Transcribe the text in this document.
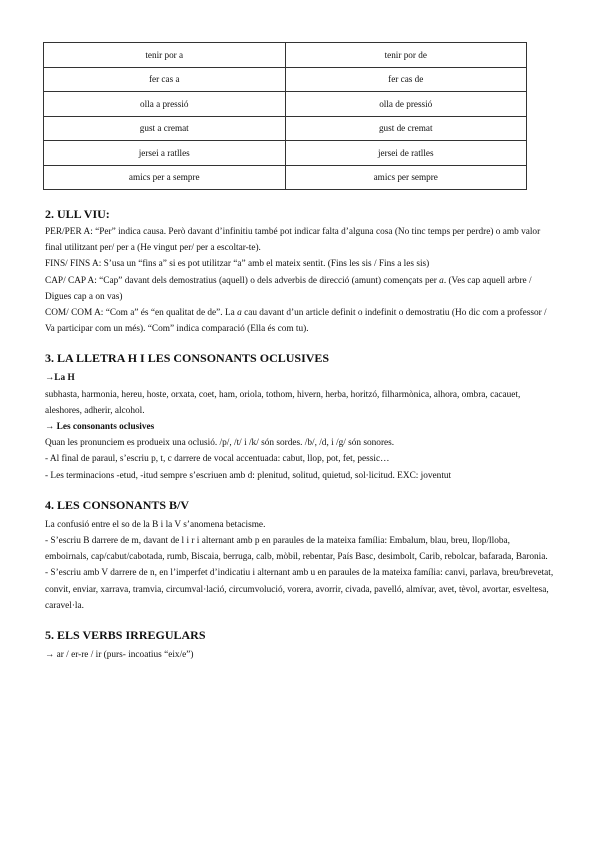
tenir por a	tenir por de
fer cas a	fer cas de
olla a pressió	olla de pressió
gust a cremat	gust de cremat
jersei a ratlles	jersei de ratlles
amics per a sempre	amics per sempre
2. ULL VIU:

PER/PER A: “Per” indica causa. Però davant d’infinitiu també pot indicar falta d’alguna cosa (No tinc temps per perdre) o amb valor final utilitzant per/ per a (He vingut per/ per a escoltar-te).

FINS/ FINS A: S’usa un “fins a” si es pot utilitzar “a” amb el mateix sentit. (Fins les sis / Fins a les sis)

CAP/ CAP A: “Cap” davant dels demostratius (aquell) o dels adverbis de direcció (amunt) començats per a. (Ves cap aquell arbre / Digues cap a on vas)

COM/ COM A: “Com a” és “en qualitat de de”. La a cau davant d’un article definit o indefinit o demostratiu (Ho dic com a professor / Va participar com un més). “Com” indica comparació (Ella és com tu).

3. LA LLETRA H I LES CONSONANTS OCLUSIVES

→La H

subhasta, harmonia, hereu, hoste, orxata, coet, ham, oriola, tothom, hivern, herba, horitzó, filharmònica, alhora, ombra, cacauet, aleshores, adherir, alcohol.

→ Les consonants oclusives

Quan les pronunciem es produeix una oclusió. /p/, /t/ i /k/ són sordes. /b/, /d, i /g/ són sonores.

- Al final de paraul, s’escriu p, t, c darrere de vocal accentuada: cabut, llop, pot, fet, pessic…

- Les terminacions -etud, -itud sempre s’escriuen amb d: plenitud, solitud, quietud, sol·licitud. EXC: joventut

4. LES CONSONANTS B/V

La confusió entre el so de la B i la V s’anomena betacisme.

- S’escriu B darrere de m, davant de l i r i alternant amb p en paraules de la mateixa família: Embalum, blau, breu, llop/lloba, emboirnals, cap/cabut/cabotada, rumb, Biscaia, berruga, calb, mòbil, rebentar, País Basc, desimbolt, Carib, rebolcar, bafarada, Baronia.

- S’escriu amb V darrere de n, en l’imperfet d’indicatiu i alternant amb u en paraules de la mateixa família: canvi, parlava, breu/brevetat, convit, enviar, xarrava, tramvia, circumval·lació, circumvolució, vorera, avorrir, civada, pavelló, almívar, avet, tèvol, avortar, esveltesa, caravel·la.

5. ELS VERBS IRREGULARS

→ ar / er-re / ir (purs- incoatius “eix/e”)
